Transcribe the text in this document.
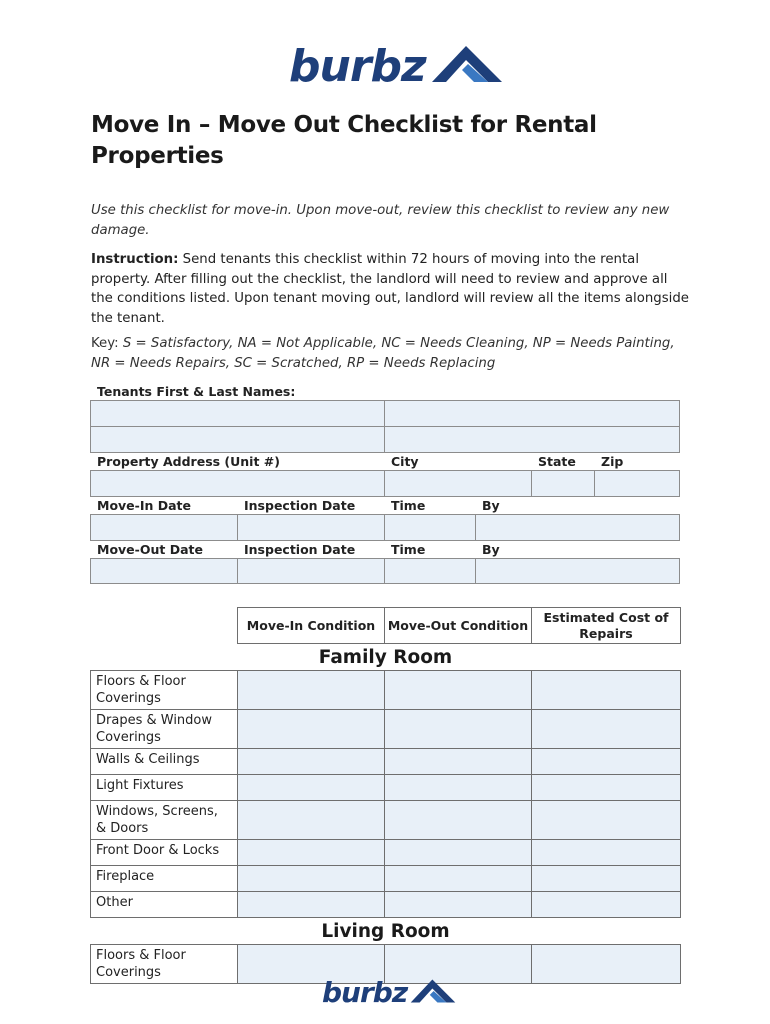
burbz
Move In – Move Out Checklist for Rental Properties
Use this checklist for move-in. Upon move-out, review this checklist to review any new damage.
Instruction: Send tenants this checklist within 72 hours of moving into the rental property. After filling out the checklist, the landlord will need to review and approve all the conditions listed. Upon tenant moving out, landlord will review all the items alongside the tenant.
Key: S = Satisfactory, NA = Not Applicable, NC = Needs Cleaning, NP = Needs Painting, NR = Needs Repairs, SC = Scratched, RP = Needs Replacing
Tenants First & Last Names:
Property Address (Unit #)	City	State Zip
Move-In Date	Inspection Date	Time	By
Move-Out Date	Inspection Date	Time	By
	Move-In Condition	Move-Out Condition	Estimated Cost of Repairs
Family Room			
Floors & Floor Coverings			
Drapes & Window Coverings			
Walls & Ceilings			
Light Fixtures			
Windows, Screens, & Doors			
Front Door & Locks			
Fireplace			
Other			
Living Room			
Floors & Floor Coverings			
burbz
